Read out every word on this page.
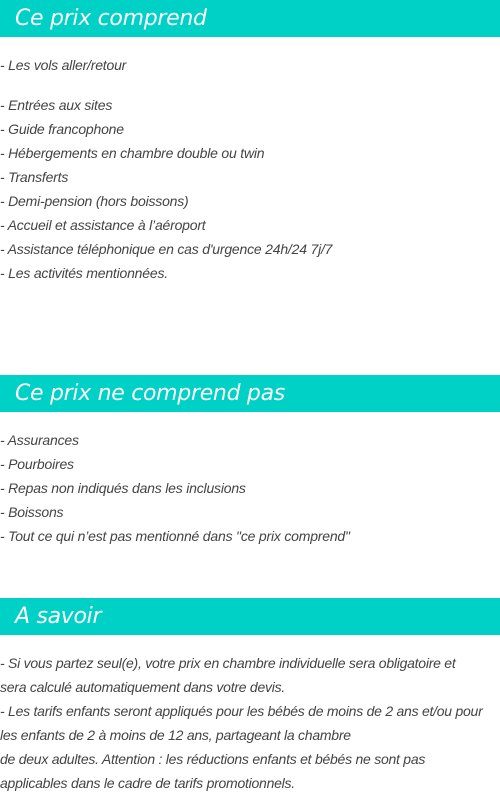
Ce prix comprend
- Les vols aller/retour
- Entrées aux sites
- Guide francophone
- Hébergements en chambre double ou twin
- Transferts
- Demi-pension (hors boissons)
- Accueil et assistance à l’aéroport
- Assistance téléphonique en cas d'urgence 24h/24 7j/7
- Les activités mentionnées.
Ce prix ne comprend pas
- Assurances
- Pourboires
- Repas non indiqués dans les inclusions
- Boissons
- Tout ce qui n’est pas mentionné dans "ce prix comprend"
A savoir
- Si vous partez seul(e), votre prix en chambre individuelle sera obligatoire et
sera calculé automatiquement dans votre devis.
- Les tarifs enfants seront appliqués pour les bébés de moins de 2 ans et/ou pour
les enfants de 2 à moins de 12 ans, partageant la chambre
de deux adultes. Attention : les réductions enfants et bébés ne sont pas
applicables dans le cadre de tarifs promotionnels.
